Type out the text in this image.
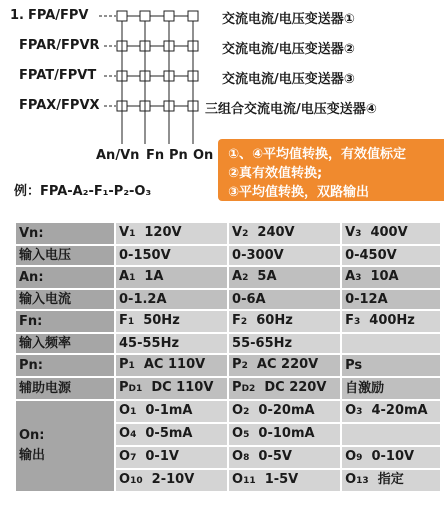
1. FPA/FPV
FPAR/FPVR
FPAT/FPVT
FPAX/FPVX
交流电流/电压变送器①
交流电流/电压变送器②
交流电流/电压变送器③
三组合交流电流/电压变送器④
An/Vn Fn Pn On
例：FPA-A₂-F₁-P₂-O₃
①、④平均值转换，有效值标定
②真有效值转换;
③平均值转换，双路输出
Vn:	V1 120V	V2 240V	V3 400V
输入电压	0-150V	0-300V	0-450V
An:	A1 1A	A2 5A	A3 10A
输入电流	0-1.2A	0-6A	0-12A
Fn:	F1 50Hz	F2 60Hz	F3 400Hz
输入频率	45-55Hz	55-65Hz	
Pn:	P1 AC 110V	P2 AC 220V	Ps
辅助电源	PD1 DC 110V	PD2 DC 220V	自激励

On:
输出	O1 0-1mA	O2 0-20mA	O3 4-20mA
	O4 0-5mA	O5 0-10mA	
	O7 0-1V	O8 0-5V	O9 0-10V
	O10 2-10V	O11 1-5V	O13 指定
